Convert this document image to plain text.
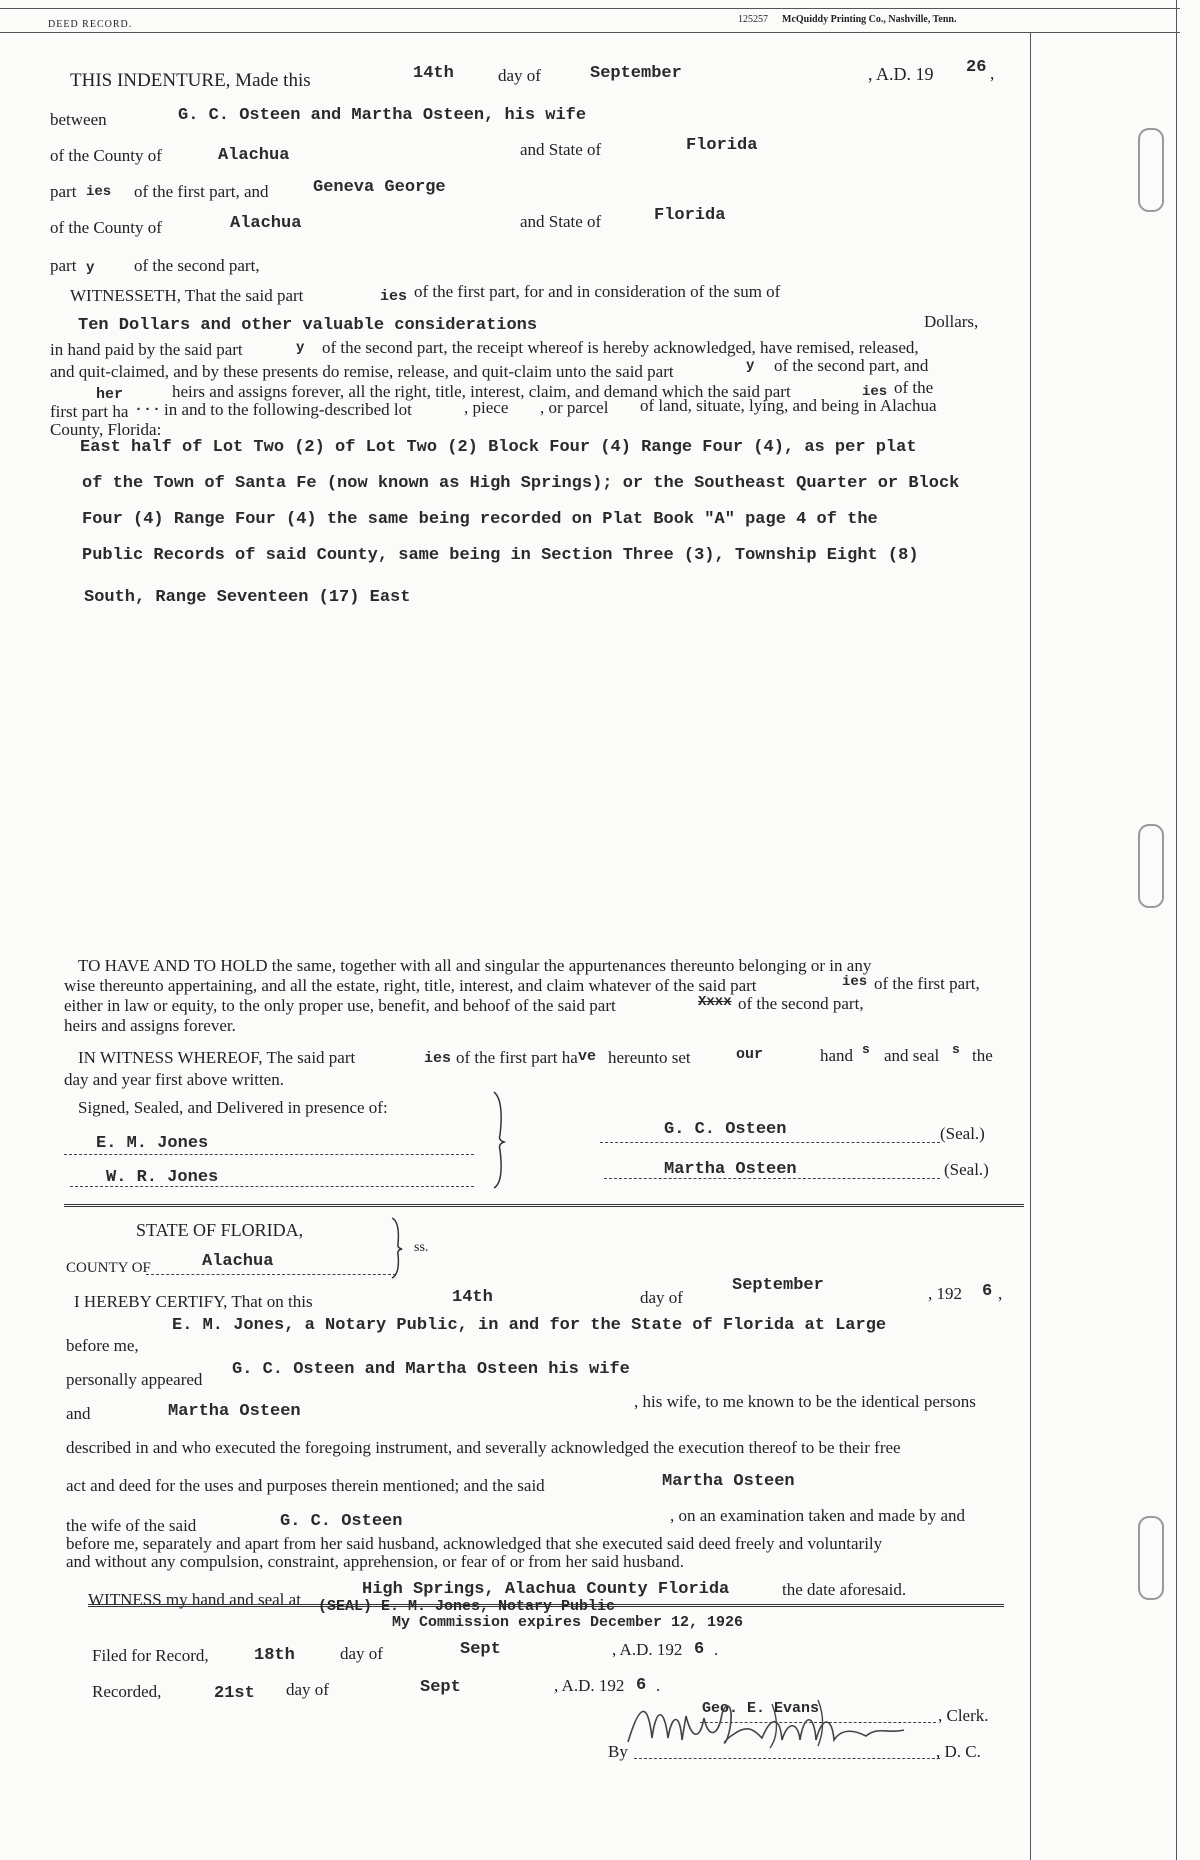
DEED RECORD.	125257 McQuiddy Printing Co., Nashville, Tenn.
THIS INDENTURE, Made this	14th	day of	September	, A.D. 19 26 ,
between	G. C. Osteen and Martha Osteen, his wife
of the County of	Alachua	and State of	Florida
part ies of the first part, and	Geneva George
of the County of	Alachua	and State of	Florida
part y of the second part,
WITNESSETH, That the said part	ies of the first part, for and in consideration of the sum of
Ten Dollars and other valuable considerations	Dollars,
in hand paid by the said part	y of the second part, the receipt whereof is hereby acknowledged, have remised, released,
and quit-claimed, and by these presents do remise, release, and quit-claim unto the said part	y of the second part, and
her	heirs and assigns forever, all the right, title, interest, claim, and demand which the said part	ies of the
first part ha ... in and to the following-described lot	, piece , or parcel of land, situate, lying, and being in Alachua
County, Florida:
East half of Lot Two (2) of Lot Two (2) Block Four (4) Range Four (4), as per plat
of the Town of Santa Fe (now known as High Springs); or the Southeast Quarter or Block
Four (4) Range Four (4) the same being recorded on Plat Book "A" page 4 of the
Public Records of said County, same being in Section Three (3), Township Eight (8)
South, Range Seventeen (17) East
TO HAVE AND TO HOLD the same, together with all and singular the appurtenances thereunto belonging or in any
wise thereunto appertaining, and all the estate, right, title, interest, and claim whatever of the said part	ies of the first part,
either in law or equity, to the only proper use, benefit, and behoof of the said part	Xxxx of the second part,
heirs and assigns forever.
IN WITNESS WHEREOF, The said part	ies of the first part ha ve hereunto set	our	hand s and seal s the
day and year first above written.
Signed, Sealed, and Delivered in presence of:
E. M. Jones
W. R. Jones
G. C. Osteen	(Seal.)
Martha Osteen	(Seal.)
STATE OF FLORIDA,
COUNTY OF	Alachua
ss.
I HEREBY CERTIFY, That on this	14th	day of
September	, 192 6 ,
before me,
E. M. Jones, a Notary Public, in and for the State of Florida at Large
personally appeared
G. C. Osteen and Martha Osteen his wife
and	Martha Osteen
, his wife, to me known to be the identical persons
described in and who executed the foregoing instrument, and severally acknowledged the execution thereof to be their free
act and deed for the uses and purposes therein mentioned; and the said	Martha Osteen
the wife of the said	G. C. Osteen	, on an examination taken and made by and
before me, separately and apart from her said husband, acknowledged that she executed said deed freely and voluntarily
and without any compulsion, constraint, apprehension, or fear of or from her said husband.
WITNESS my hand and seal at
High Springs, Alachua County Florida	the date aforesaid.
(SEAL) E. M. Jones, Notary Public
My Commission expires December 12, 1926
Filed for Record,	18th	day of	Sept	, A.D. 192 6 .
Recorded,	21st day of	Sept	, A.D. 192 6 .
Geo. E. Evans	, Clerk.
By	, D. C.
